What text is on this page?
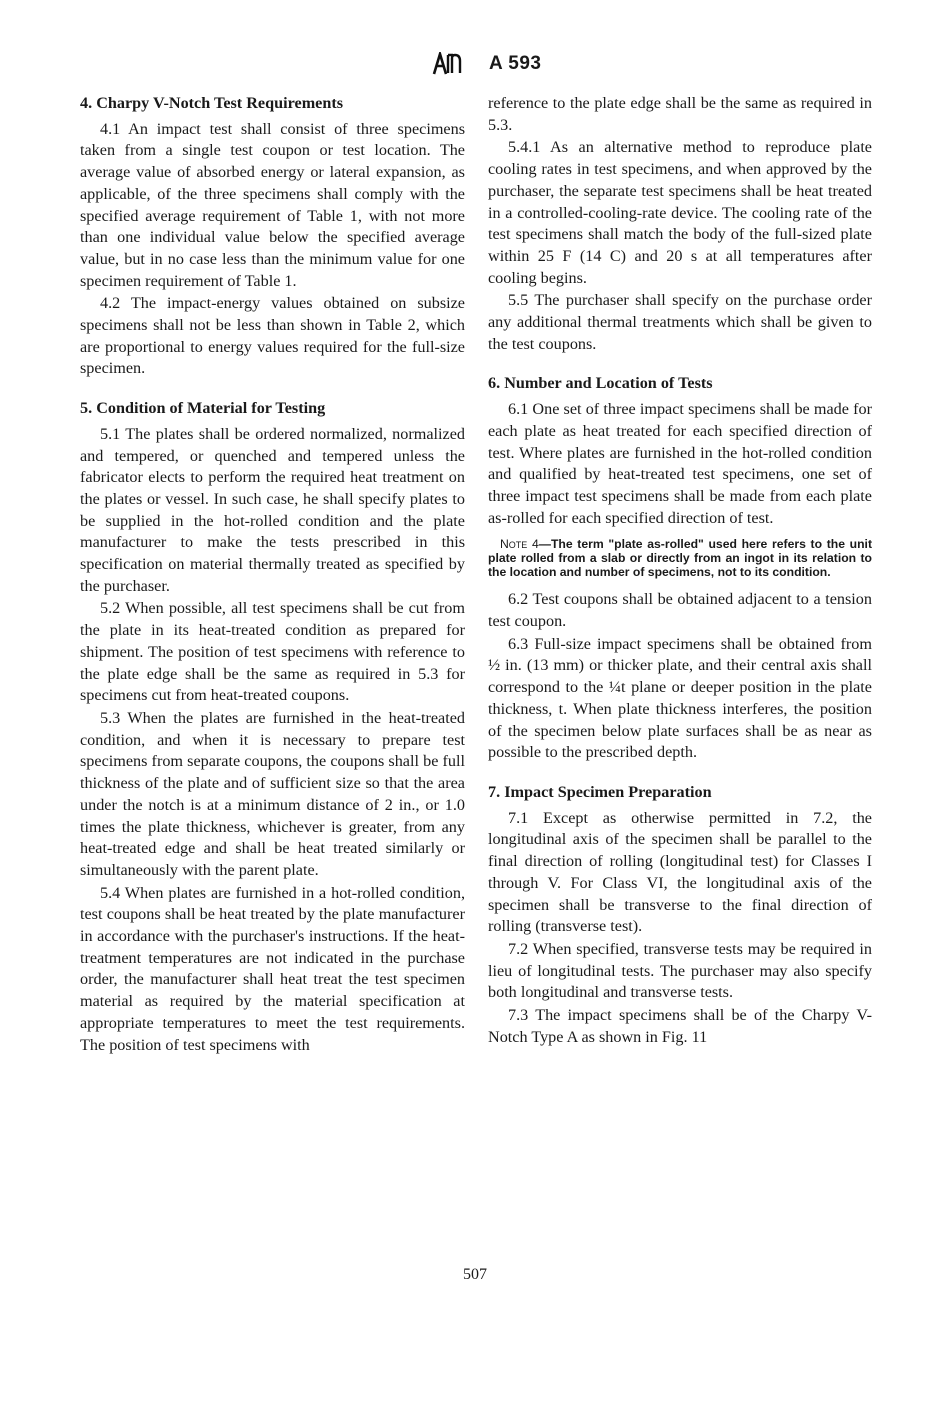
A 593
4. Charpy V-Notch Test Requirements

4.1 An impact test shall consist of three specimens taken from a single test coupon or test location. The average value of absorbed energy or lateral expansion, as applicable, of the three specimens shall comply with the specified average requirement of Table 1, with not more than one individual value below the specified average value, but in no case less than the minimum value for one specimen requirement of Table 1.

4.2 The impact-energy values obtained on subsize specimens shall not be less than shown in Table 2, which are proportional to energy values required for the full-size specimen.

5. Condition of Material for Testing

5.1 The plates shall be ordered normalized, normalized and tempered, or quenched and tempered unless the fabricator elects to perform the required heat treatment on the plates or vessel. In such case, he shall specify plates to be supplied in the hot-rolled condition and the plate manufacturer to make the tests prescribed in this specification on material thermally treated as specified by the purchaser.

5.2 When possible, all test specimens shall be cut from the plate in its heat-treated condition as prepared for shipment. The position of test specimens with reference to the plate edge shall be the same as required in 5.3 for specimens cut from heat-treated coupons.

5.3 When the plates are furnished in the heat-treated condition, and when it is necessary to prepare test specimens from separate coupons, the coupons shall be full thickness of the plate and of sufficient size so that the area under the notch is at a minimum distance of 2 in., or 1.0 times the plate thickness, whichever is greater, from any heat-treated edge and shall be heat treated similarly or simultaneously with the parent plate.

5.4 When plates are furnished in a hot-rolled condition, test coupons shall be heat treated by the plate manufacturer in accordance with the purchaser's instructions. If the heat-treatment temperatures are not indicated in the purchase order, the manufacturer shall heat treat the test specimen material as required by the material specification at appropriate temperatures to meet the test requirements. The position of test specimens with

reference to the plate edge shall be the same as required in 5.3.

5.4.1 As an alternative method to reproduce plate cooling rates in test specimens, and when approved by the purchaser, the separate test specimens shall be heat treated in a controlled-cooling-rate device. The cooling rate of the test specimens shall match the body of the full-sized plate within 25 F (14 C) and 20 s at all temperatures after cooling begins.

5.5 The purchaser shall specify on the purchase order any additional thermal treatments which shall be given to the test coupons.

6. Number and Location of Tests

6.1 One set of three impact specimens shall be made for each plate as heat treated for each specified direction of test. Where plates are furnished in the hot-rolled condition and qualified by heat-treated test specimens, one set of three impact test specimens shall be made from each plate as-rolled for each specified direction of test.

Note 4—The term "plate as-rolled" used here refers to the unit plate rolled from a slab or directly from an ingot in its relation to the location and number of specimens, not to its condition.

6.2 Test coupons shall be obtained adjacent to a tension test coupon.

6.3 Full-size impact specimens shall be obtained from ½ in. (13 mm) or thicker plate, and their central axis shall correspond to the ¼t plane or deeper position in the plate thickness, t. When plate thickness interferes, the position of the specimen below plate surfaces shall be as near as possible to the prescribed depth.

7. Impact Specimen Preparation

7.1 Except as otherwise permitted in 7.2, the longitudinal axis of the specimen shall be parallel to the final direction of rolling (longitudinal test) for Classes I through V. For Class VI, the longitudinal axis of the specimen shall be transverse to the final direction of rolling (transverse test).

7.2 When specified, transverse tests may be required in lieu of longitudinal tests. The purchaser may also specify both longitudinal and transverse tests.

7.3 The impact specimens shall be of the Charpy V-Notch Type A as shown in Fig. 11

507
